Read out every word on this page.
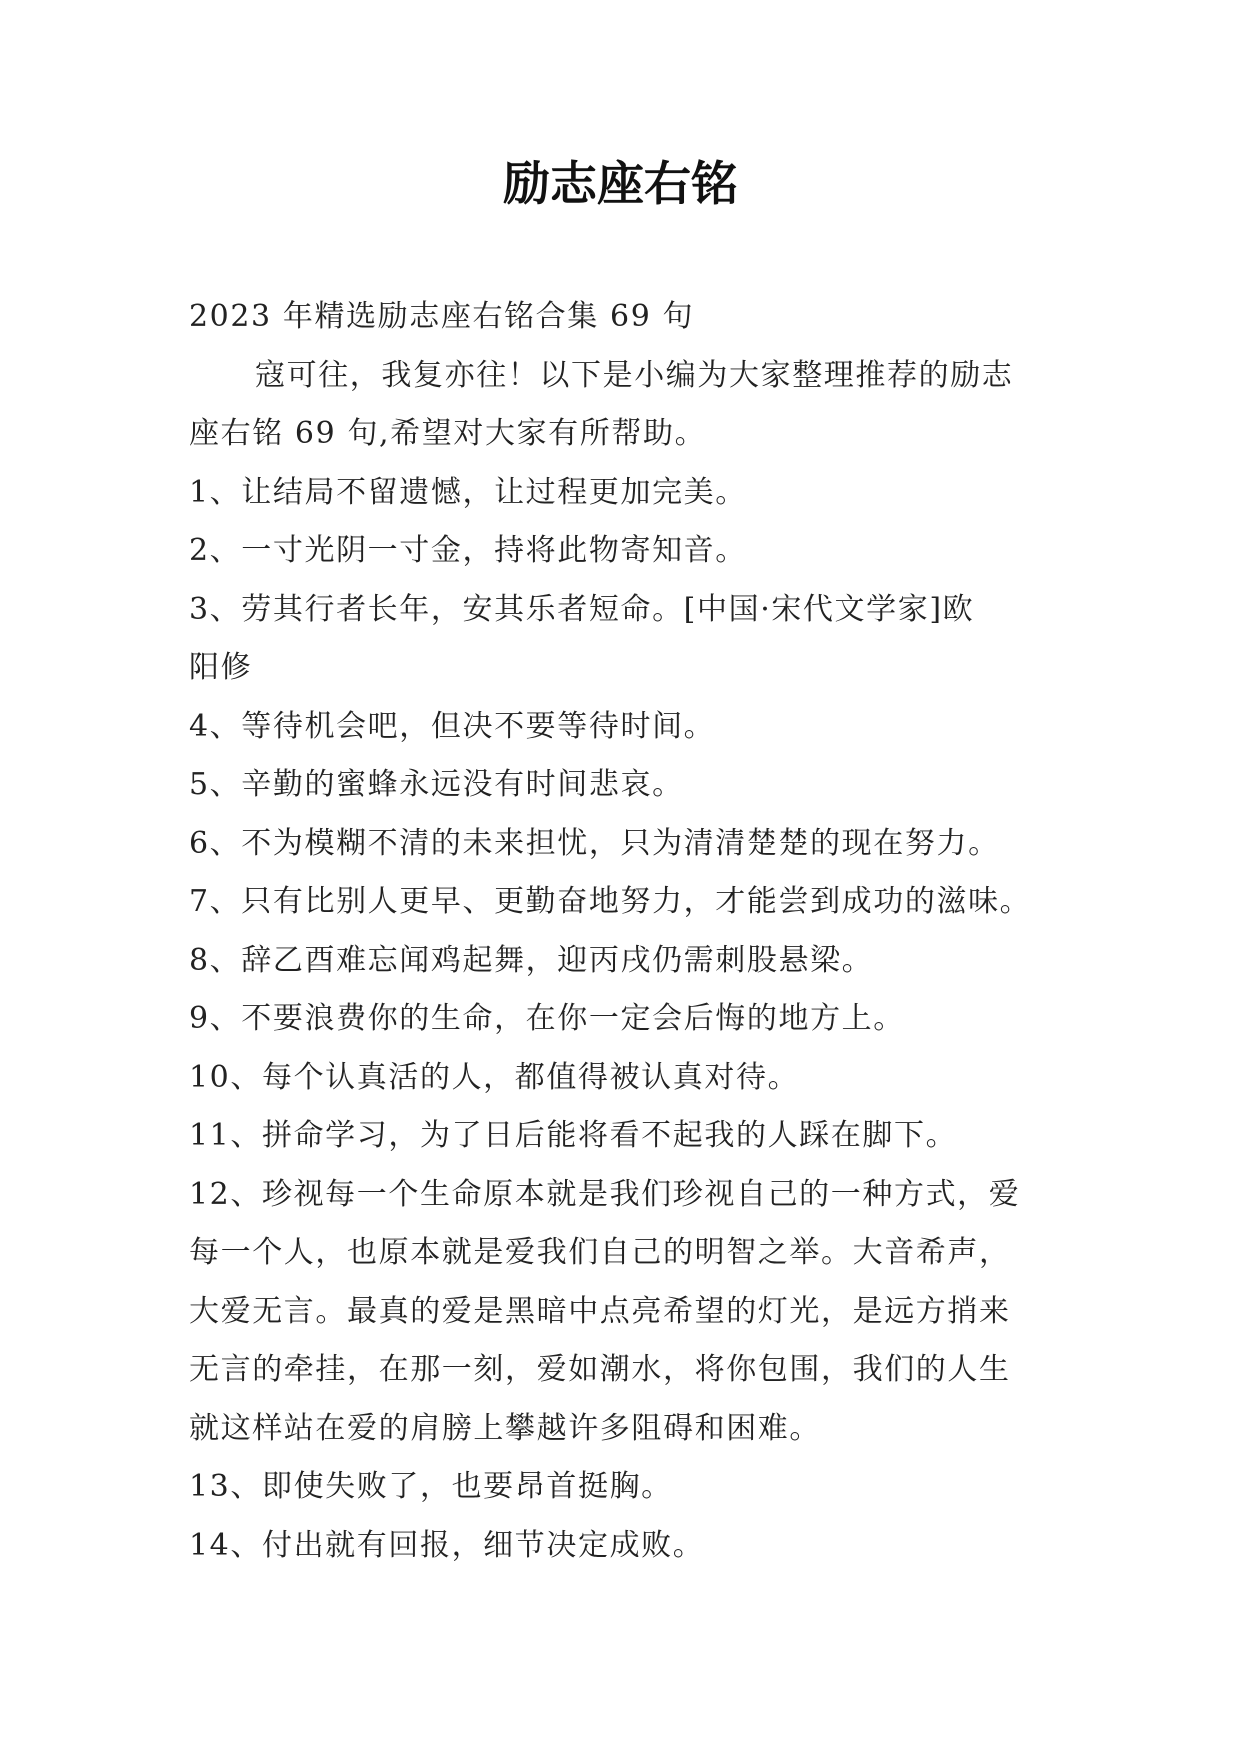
励志座右铭

2023 年精选励志座右铭合集 69 句

寇可往，我复亦往！以下是小编为大家整理推荐的励志

座右铭 69 句,希望对大家有所帮助。

1、让结局不留遗憾，让过程更加完美。

2、一寸光阴一寸金，持将此物寄知音。

3、劳其行者长年，安其乐者短命。[中国·宋代文学家]欧

阳修

4、等待机会吧，但决不要等待时间。

5、辛勤的蜜蜂永远没有时间悲哀。

6、不为模糊不清的未来担忧，只为清清楚楚的现在努力。

7、只有比别人更早、更勤奋地努力，才能尝到成功的滋味。

8、辞乙酉难忘闻鸡起舞，迎丙戌仍需刺股悬梁。

9、不要浪费你的生命，在你一定会后悔的地方上。

10、每个认真活的人，都值得被认真对待。

11、拼命学习，为了日后能将看不起我的人踩在脚下。

12、珍视每一个生命原本就是我们珍视自己的一种方式，爱

每一个人，也原本就是爱我们自己的明智之举。大音希声，

大爱无言。最真的爱是黑暗中点亮希望的灯光，是远方捎来

无言的牵挂，在那一刻，爱如潮水，将你包围，我们的人生

就这样站在爱的肩膀上攀越许多阻碍和困难。

13、即使失败了，也要昂首挺胸。

14、付出就有回报，细节决定成败。
